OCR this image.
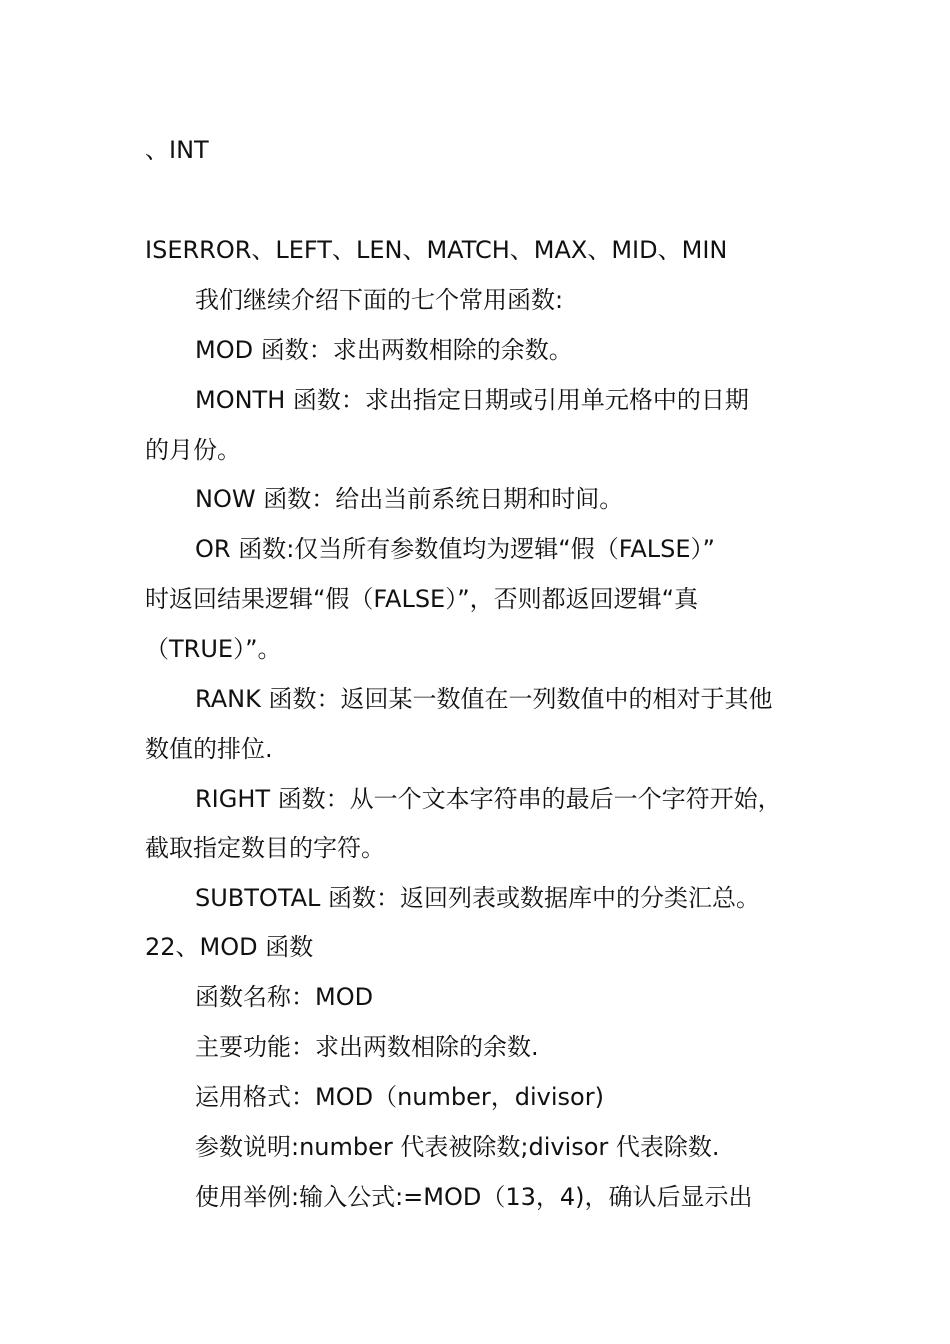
、INT
ISERROR、LEFT、LEN、MATCH、MAX、MID、MIN
我们继续介绍下面的七个常用函数:
MOD 函数：求出两数相除的余数。
MONTH 函数：求出指定日期或引用单元格中的日期
的月份。
NOW 函数：给出当前系统日期和时间。
OR 函数:仅当所有参数值均为逻辑“假（FALSE）”
时返回结果逻辑“假（FALSE）”，否则都返回逻辑“真
（TRUE）”。
RANK 函数：返回某一数值在一列数值中的相对于其他
数值的排位.
RIGHT 函数：从一个文本字符串的最后一个字符开始，
截取指定数目的字符。
SUBTOTAL 函数：返回列表或数据库中的分类汇总。
22、MOD 函数
函数名称：MOD
主要功能：求出两数相除的余数.
运用格式：MOD（number，divisor)
参数说明:number 代表被除数;divisor 代表除数.
使用举例:输入公式:=MOD（13，4)，确认后显示出
